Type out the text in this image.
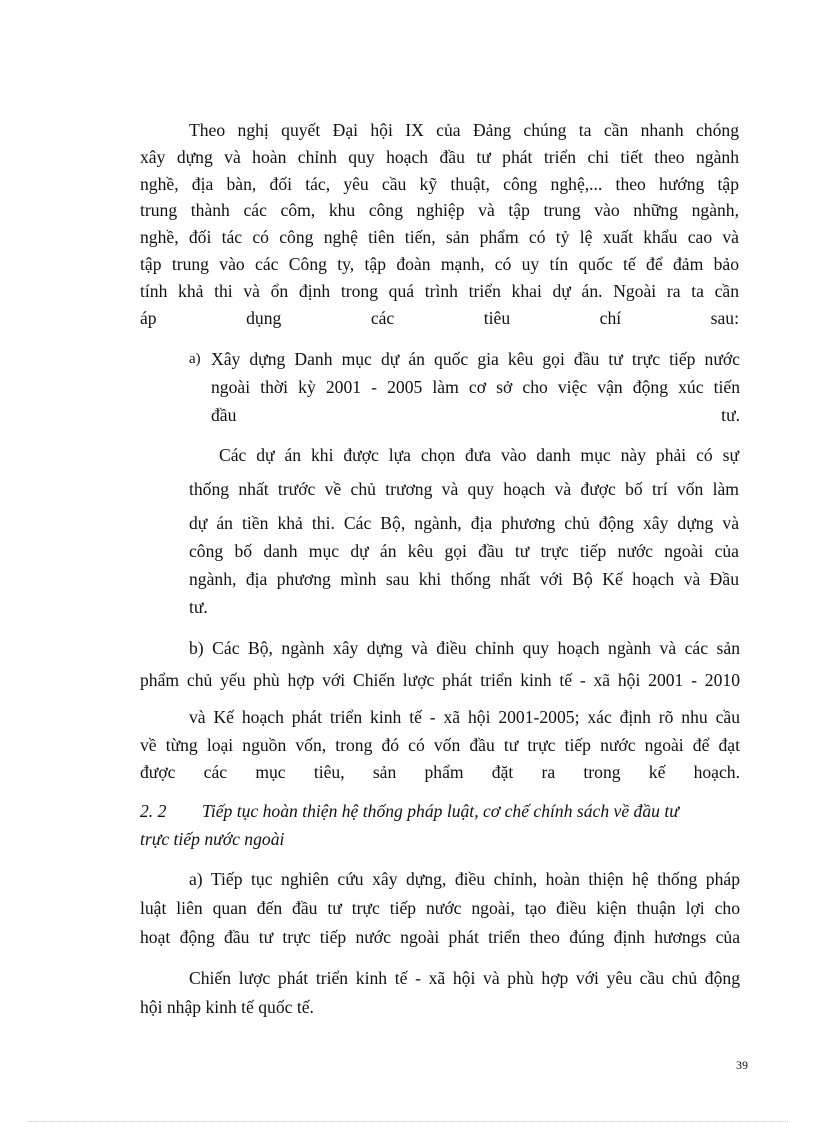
Theo nghị quyết Đại hội IX của Đảng chúng ta cần nhanh chóng
xây dựng và hoàn chỉnh quy hoạch đầu tư phát triển chi tiết theo ngành
nghề, địa bàn, đối tác, yêu cầu kỹ thuật, công nghệ,... theo hướng tập
trung thành các côm, khu công nghiệp và tập trung vào những ngành,
nghề, đối tác có công nghệ tiên tiến, sản phẩm có tỷ lệ xuất khẩu cao và
tập trung vào các Công ty, tập đoàn mạnh, có uy tín quốc tế để đảm bảo
tính khả thi và ổn định trong quá trình triển khai dự án. Ngoài ra ta cần
áp dụng các tiêu chí sau:
a) Xây dựng Danh mục dự án quốc gia kêu gọi đầu tư trực tiếp nước
ngoài thời kỳ 2001 - 2005 làm cơ sở cho việc vận động xúc tiến
đầu tư.
Các dự án khi được lựa chọn đưa vào danh mục này phải có sự
thống nhất trước về chủ trương và quy hoạch và được bố trí vốn làm
dự án tiền khả thi. Các Bộ, ngành, địa phương chủ động xây dựng và
công bố danh mục dự án kêu gọi đầu tư trực tiếp nước ngoài của
ngành, địa phương mình sau khi thống nhất với Bộ Kế hoạch và Đầu
tư.
b) Các Bộ, ngành xây dựng và điều chỉnh quy hoạch ngành và các sản
phẩm chủ yếu phù hợp với Chiến lược phát triển kinh tế - xã hội 2001 - 2010
và Kế hoạch phát triển kinh tế - xã hội 2001-2005; xác định rõ nhu cầu
về từng loại nguồn vốn, trong đó có vốn đầu tư trực tiếp nước ngoài để đạt
được các mục tiêu, sản phẩm đặt ra trong kế hoạch.
2. 2 Tiếp tục hoàn thiện hệ thống pháp luật, cơ chế chính sách về đầu tư
trực tiếp nước ngoài
a) Tiếp tục nghiên cứu xây dựng, điều chỉnh, hoàn thiện hệ thống pháp
luật liên quan đến đầu tư trực tiếp nước ngoài, tạo điều kiện thuận lợi cho
hoạt động đầu tư trực tiếp nước ngoài phát triển theo đúng định hươngs của
Chiến lược phát triển kinh tế - xã hội và phù hợp với yêu cầu chủ động
hội nhập kinh tế quốc tế.
39
